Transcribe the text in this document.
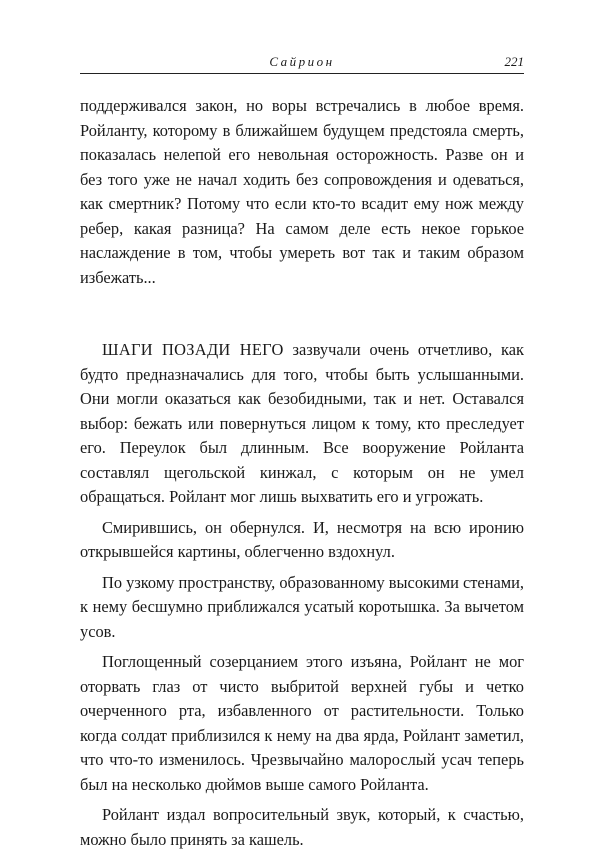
Сайрион	221

поддерживался закон, но воры встречались в любое время. Ройланту, которому в ближайшем будущем предстояла смерть, показалась нелепой его невольная осторожность. Разве он и без того уже не начал ходить без сопровождения и одеваться, как смертник? Потому что если кто-то всадит ему нож между ребер, какая разница? На самом деле есть некое горькое наслаждение в том, чтобы умереть вот так и таким образом избежать...

ШАГИ ПОЗАДИ НЕГО зазвучали очень отчетливо, как будто предназначались для того, чтобы быть услышанными. Они могли оказаться как безобидными, так и нет. Оставался выбор: бежать или повернуться лицом к тому, кто преследует его. Переулок был длинным. Все вооружение Ройланта составлял щегольской кинжал, с которым он не умел обращаться. Ройлант мог лишь выхватить его и угрожать.

Смирившись, он обернулся. И, несмотря на всю иронию открывшейся картины, облегченно вздохнул.

По узкому пространству, образованному высокими стенами, к нему бесшумно приближался усатый коротышка. За вычетом усов.

Поглощенный созерцанием этого изъяна, Ройлант не мог оторвать глаз от чисто выбритой верхней губы и четко очерченного рта, избавленного от растительности. Только когда солдат приблизился к нему на два ярда, Ройлант заметил, что что-то изменилось. Чрезвычайно малорослый усач теперь был на несколько дюймов выше самого Ройланта.

Ройлант издал вопросительный звук, который, к счастью, можно было принять за кашель.
